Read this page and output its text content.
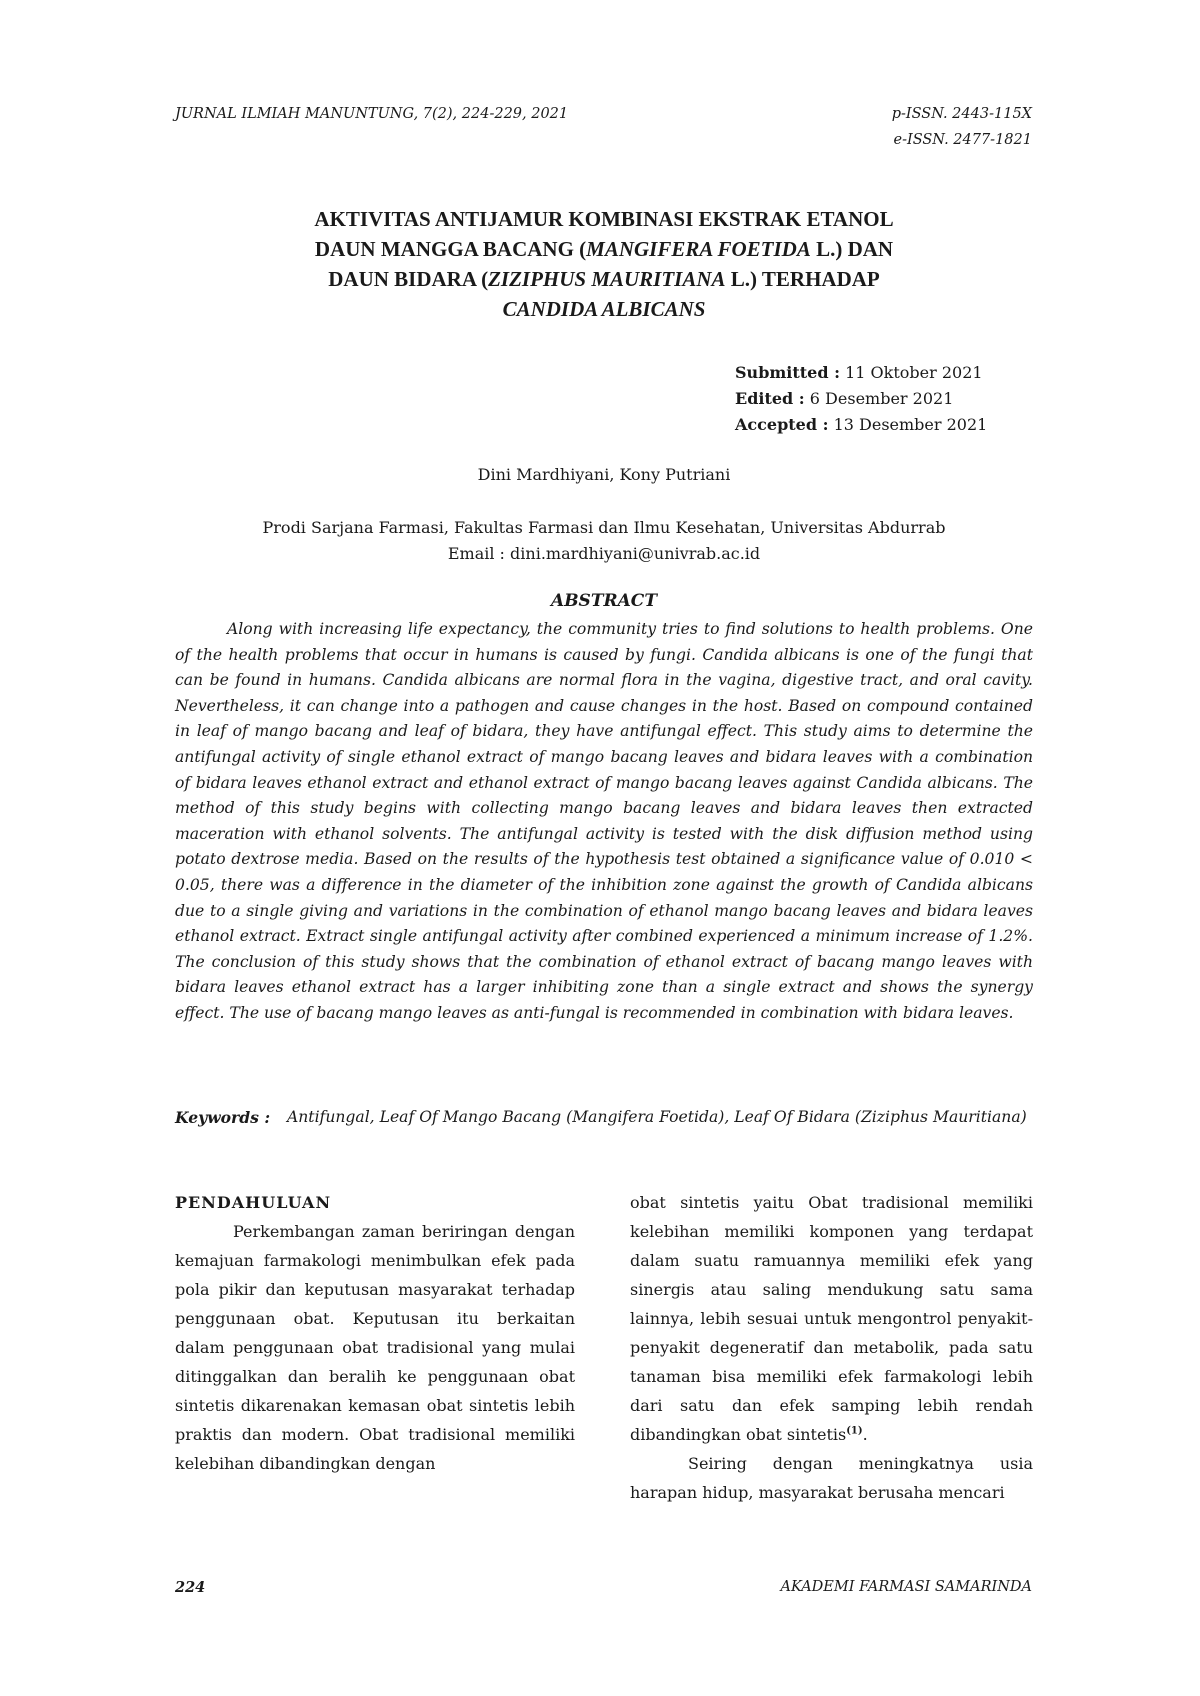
JURNAL ILMIAH MANUNTUNG, 7(2), 224-229, 2021	p-ISSN. 2443-115X
e-ISSN. 2477-1821
AKTIVITAS ANTIJAMUR KOMBINASI EKSTRAK ETANOL
DAUN MANGGA BACANG (MANGIFERA FOETIDA L.) DAN
DAUN BIDARA (ZIZIPHUS MAURITIANA L.) TERHADAP
CANDIDA ALBICANS
Submitted : 11 Oktober 2021
Edited : 6 Desember 2021
Accepted : 13 Desember 2021
Dini Mardhiyani, Kony Putriani
Prodi Sarjana Farmasi, Fakultas Farmasi dan Ilmu Kesehatan, Universitas Abdurrab
Email : dini.mardhiyani@univrab.ac.id
ABSTRACT

Along with increasing life expectancy, the community tries to find solutions to health problems. One of the health problems that occur in humans is caused by fungi. Candida albicans is one of the fungi that can be found in humans. Candida albicans are normal flora in the vagina, digestive tract, and oral cavity. Nevertheless, it can change into a pathogen and cause changes in the host. Based on compound contained in leaf of mango bacang and leaf of bidara, they have antifungal effect. This study aims to determine the antifungal activity of single ethanol extract of mango bacang leaves and bidara leaves with a combination of bidara leaves ethanol extract and ethanol extract of mango bacang leaves against Candida albicans. The method of this study begins with collecting mango bacang leaves and bidara leaves then extracted maceration with ethanol solvents. The antifungal activity is tested with the disk diffusion method using potato dextrose media. Based on the results of the hypothesis test obtained a significance value of 0.010 < 0.05, there was a difference in the diameter of the inhibition zone against the growth of Candida albicans due to a single giving and variations in the combination of ethanol mango bacang leaves and bidara leaves ethanol extract. Extract single antifungal activity after combined experienced a minimum increase of 1.2%. The conclusion of this study shows that the combination of ethanol extract of bacang mango leaves with bidara leaves ethanol extract has a larger inhibiting zone than a single extract and shows the synergy effect. The use of bacang mango leaves as anti-fungal is recommended in combination with bidara leaves.

Keywords :	Antifungal, Leaf Of Mango Bacang (Mangifera Foetida), Leaf Of Bidara (Ziziphus Mauritiana)

PENDAHULUAN

Perkembangan zaman beriringan dengan kemajuan farmakologi menimbulkan efek pada pola pikir dan keputusan masyarakat terhadap penggunaan obat. Keputusan itu berkaitan dalam penggunaan obat tradisional yang mulai ditinggalkan dan beralih ke penggunaan obat sintetis dikarenakan kemasan obat sintetis lebih praktis dan modern. Obat tradisional memiliki kelebihan dibandingkan dengan

obat sintetis yaitu Obat tradisional memiliki kelebihan memiliki komponen yang terdapat dalam suatu ramuannya memiliki efek yang sinergis atau saling mendukung satu sama lainnya, lebih sesuai untuk mengontrol penyakit-penyakit degeneratif dan metabolik, pada satu tanaman bisa memiliki efek farmakologi lebih dari satu dan efek samping lebih rendah dibandingkan obat sintetis$^{(1)}$.

Seiring dengan meningkatnya usia harapan hidup, masyarakat berusaha mencari

224	AKADEMI FARMASI SAMARINDA
